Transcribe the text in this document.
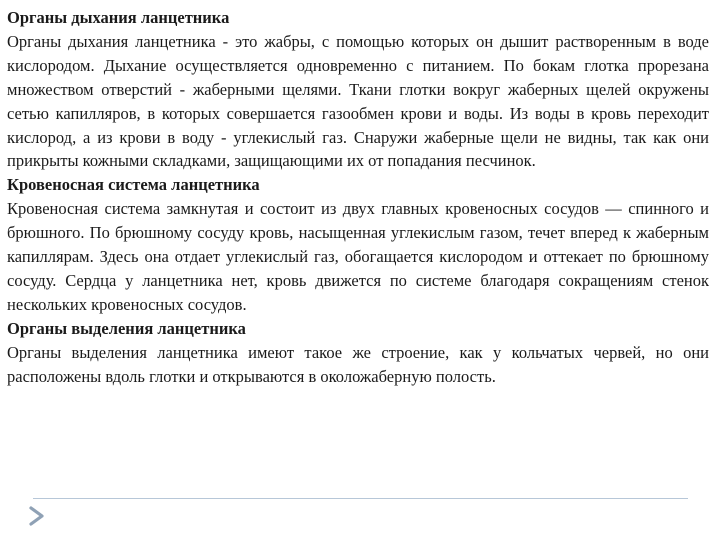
Органы дыхания ланцетника

Органы дыхания ланцетника - это жабры, с помощью которых он дышит растворенным в воде кислородом. Дыхание осуществляется одновременно с питанием. По бокам глотка прорезана множеством отверстий - жаберными щелями. Ткани глотки вокруг жаберных щелей окружены сетью капилляров, в которых совершается газообмен крови и воды. Из воды в кровь переходит кислород, а из крови в воду - углекислый газ. Снаружи жаберные щели не видны, так как они прикрыты кожными складками, защищающими их от попадания песчинок.

Кровеносная система ланцетника

Кровеносная система замкнутая и состоит из двух главных кровеносных сосудов — спинного и брюшного. По брюшному сосуду кровь, насыщенная углекислым газом, течет вперед к жаберным капиллярам. Здесь она отдает углекислый газ, обогащается кислородом и оттекает по брюшному сосуду. Сердца у ланцетника нет, кровь движется по системе благодаря сокращениям стенок нескольких кровеносных сосудов.

Органы выделения ланцетника

Органы выделения ланцетника имеют такое же строение, как у кольчатых червей, но они расположены вдоль глотки и открываются в околожаберную полость.
